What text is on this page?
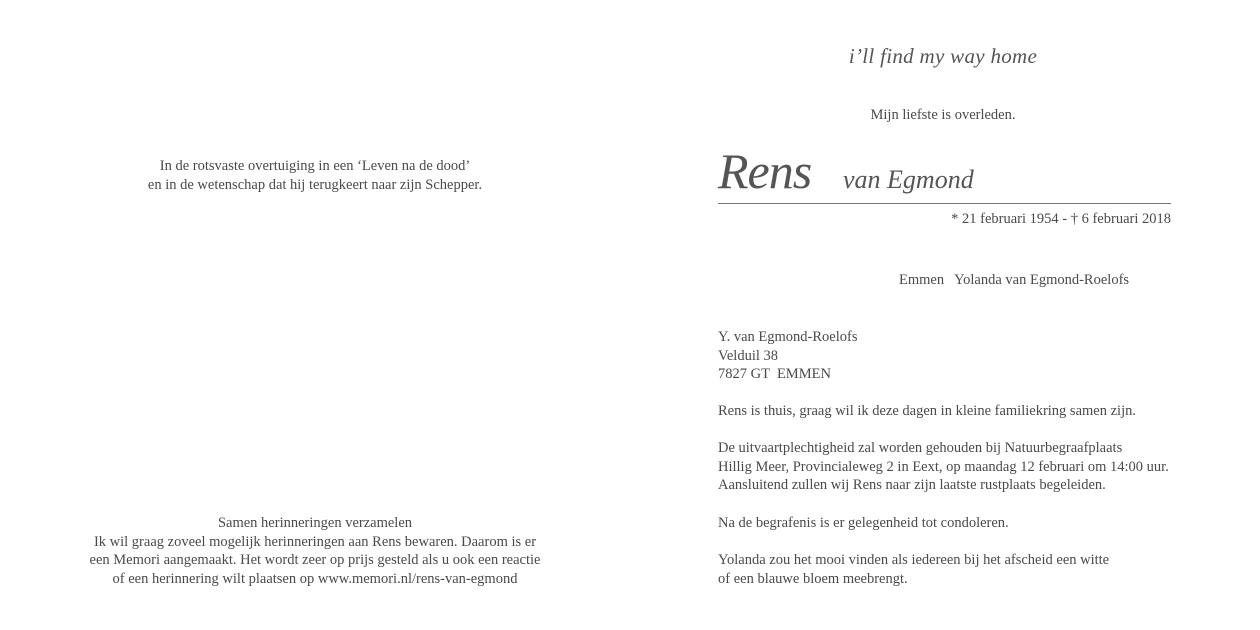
In de rotsvaste overtuiging in een ‘Leven na de dood’
en in de wetenschap dat hij terugkeert naar zijn Schepper.
Samen herinneringen verzamelen
Ik wil graag zoveel mogelijk herinneringen aan Rens bewaren. Daarom is er
een Memori aangemaakt. Het wordt zeer op prijs gesteld als u ook een reactie
of een herinnering wilt plaatsen op www.memori.nl/rens-van-egmond
i’ll find my way home
Mijn liefste is overleden.
Rens van Egmond
* 21 februari 1954 - † 6 februari 2018
Emmen Yolanda van Egmond-Roelofs
Y. van Egmond-Roelofs
Velduil 38
7827 GT  EMMEN
Rens is thuis, graag wil ik deze dagen in kleine familiekring samen zijn.
De uitvaartplechtigheid zal worden gehouden bij Natuurbegraafplaats
Hillig Meer, Provincialeweg 2 in Eext, op maandag 12 februari om 14:00 uur.
Aansluitend zullen wij Rens naar zijn laatste rustplaats begeleiden.
Na de begrafenis is er gelegenheid tot condoleren.
Yolanda zou het mooi vinden als iedereen bij het afscheid een witte
of een blauwe bloem meebrengt.
